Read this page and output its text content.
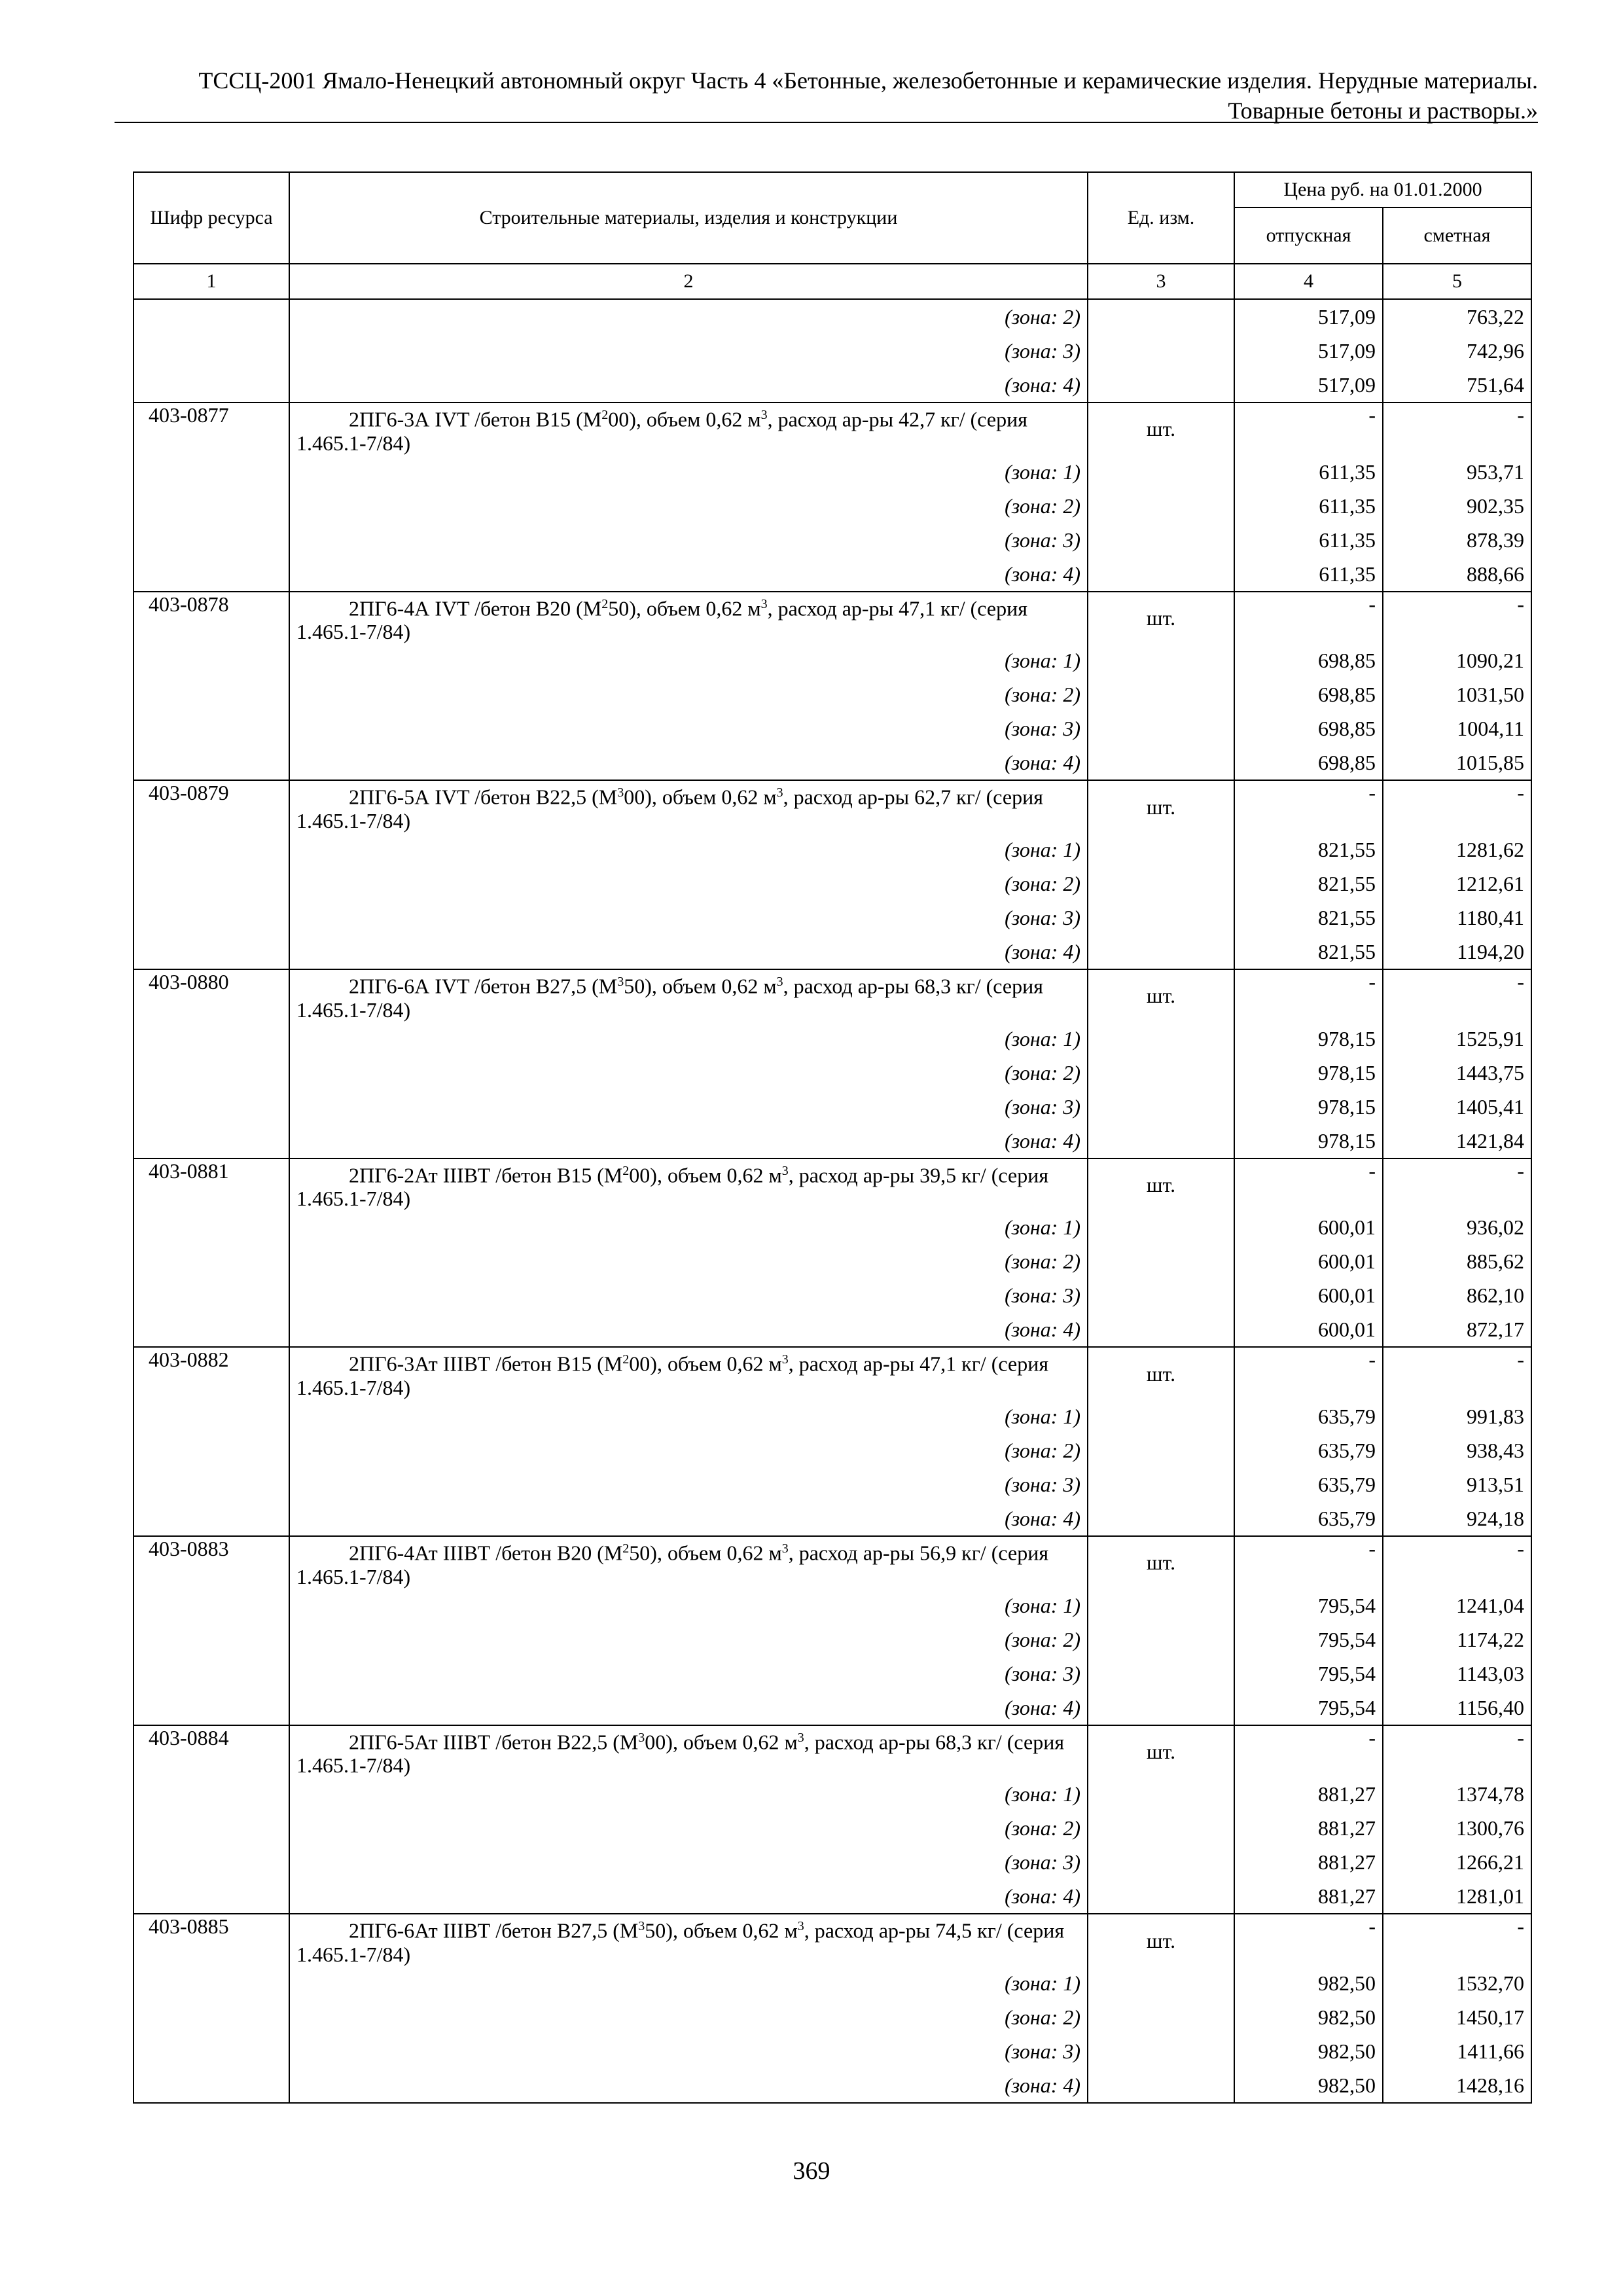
ТССЦ-2001 Ямало-Ненецкий автономный округ Часть 4 «Бетонные, железобетонные и керамические изделия. Нерудные материалы.
Товарные бетоны и растворы.»
Шифр ресурса	Строительные материалы, изделия и конструкции	Ед. изм.	Цена руб. на 01.01.2000	
			отпускная	сметная
1	2	3	4	5
	(зона: 2)		517,09	763,22
	(зона: 3)		517,09	742,96
	(зона: 4)		517,09	751,64
403-0877	2ПГ6-3А IVT /бетон В15 $(М^200)$, объем 0,62 $м^3$, расход ар-ры 42,7 кг/ (серия 1.465.1-7/84)	шт.	-	-
	(зона: 1)		611,35	953,71
	(зона: 2)		611,35	902,35
	(зона: 3)		611,35	878,39
	(зона: 4)		611,35	888,66
403-0878	2ПГ6-4А IVT /бетон В20 $(М^250)$, объем 0,62 $м^3$, расход ар-ры 47,1 кг/ (серия 1.465.1-7/84)	шт.	-	-
	(зона: 1)		698,85	1090,21
	(зона: 2)		698,85	1031,50
	(зона: 3)		698,85	1004,11
	(зона: 4)		698,85	1015,85
403-0879	2ПГ6-5А IVT /бетон В22,5 $(М^300)$, объем 0,62 $м^3$, расход ар-ры 62,7 кг/ (серия 1.465.1-7/84)	шт.	-	-
	(зона: 1)		821,55	1281,62
	(зона: 2)		821,55	1212,61
	(зона: 3)		821,55	1180,41
	(зона: 4)		821,55	1194,20
403-0880	2ПГ6-6А IVT /бетон В27,5 $(М^350)$, объем 0,62 $м^3$, расход ар-ры 68,3 кг/ (серия 1.465.1-7/84)	шт.	-	-
	(зона: 1)		978,15	1525,91
	(зона: 2)		978,15	1443,75
	(зона: 3)		978,15	1405,41
	(зона: 4)		978,15	1421,84
403-0881	2ПГ6-2Ат IIIВТ /бетон В15 $(М^200)$, объем 0,62 $м^3$, расход ар-ры 39,5 кг/ (серия 1.465.1-7/84)	шт.	-	-
	(зона: 1)		600,01	936,02
	(зона: 2)		600,01	885,62
	(зона: 3)		600,01	862,10
	(зона: 4)		600,01	872,17
403-0882	2ПГ6-3Ат IIIВТ /бетон В15 $(М^200)$, объем 0,62 $м^3$, расход ар-ры 47,1 кг/ (серия 1.465.1-7/84)	шт.	-	-
	(зона: 1)		635,79	991,83
	(зона: 2)		635,79	938,43
	(зона: 3)		635,79	913,51
	(зона: 4)		635,79	924,18
403-0883	2ПГ6-4Ат IIIВТ /бетон В20 $(М^250)$, объем 0,62 $м^3$, расход ар-ры 56,9 кг/ (серия 1.465.1-7/84)	шт.	-	-
	(зона: 1)		795,54	1241,04
	(зона: 2)		795,54	1174,22
	(зона: 3)		795,54	1143,03
	(зона: 4)		795,54	1156,40
403-0884	2ПГ6-5Ат IIIВТ /бетон В22,5 $(М^300)$, объем 0,62 $м^3$, расход ар-ры 68,3 кг/ (серия 1.465.1-7/84)	шт.	-	-
	(зона: 1)		881,27	1374,78
	(зона: 2)		881,27	1300,76
	(зона: 3)		881,27	1266,21
	(зона: 4)		881,27	1281,01
403-0885	2ПГ6-6Ат IIIВТ /бетон В27,5 $(М^350)$, объем 0,62 $м^3$, расход ар-ры 74,5 кг/ (серия 1.465.1-7/84)	шт.	-	-
	(зона: 1)		982,50	1532,70
	(зона: 2)		982,50	1450,17
	(зона: 3)		982,50	1411,66
	(зона: 4)		982,50	1428,16
369
